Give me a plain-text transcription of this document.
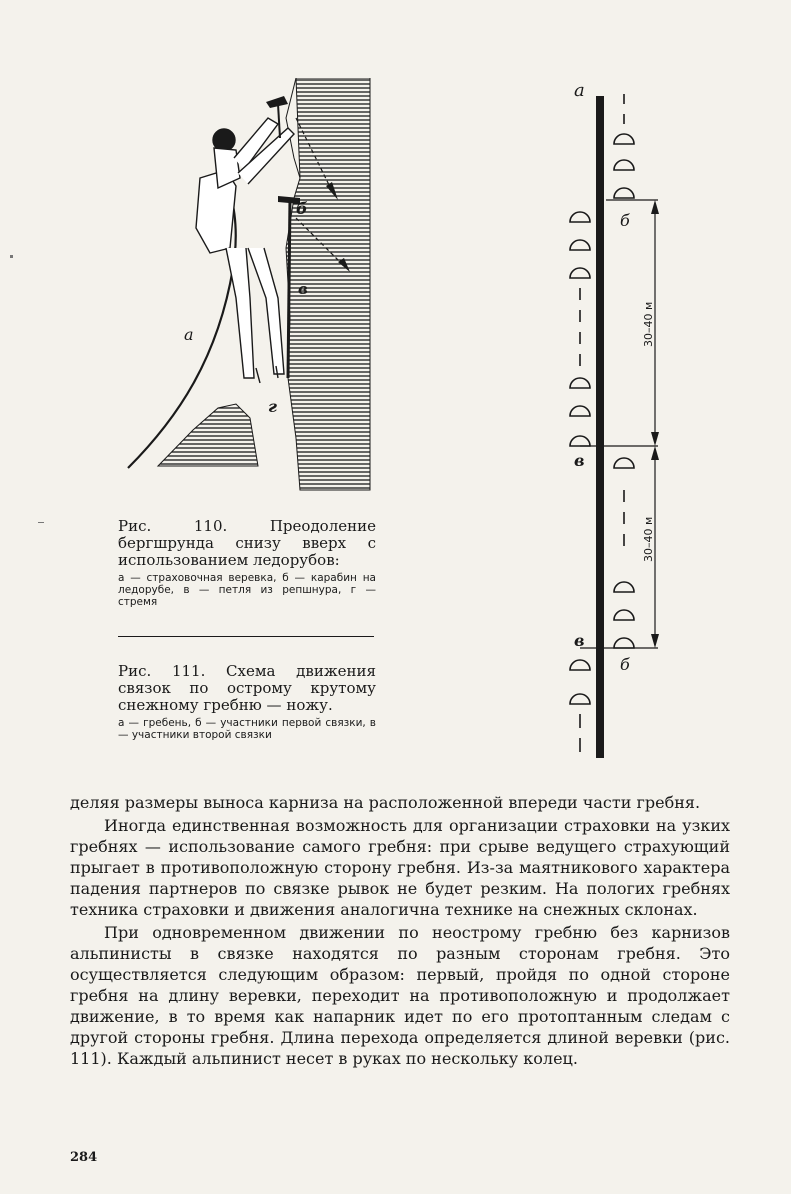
а
б
в
г
а
б
в
в
б
30–40 м
30–40 м
Рис. 110. Преодоление бергшрунда снизу вверх с использованием ледорубов:
а — страховочная веревка, б — карабин на ледорубе, в — петля из репшнура, г — стремя
Рис. 111. Схема движения связок по острому крутому снежному гребню — ножу.
а — гребень, б — участники первой связки, в — участники второй связки

деляя размеры выноса карниза на расположенной впереди части гребня.

Иногда единственная возможность для организации страховки на узких гребнях — использование самого гребня: при срыве ведущего страхующий прыгает в противоположную сторону гребня. Из-за маятникового характера падения партнеров по связке рывок не будет резким. На пологих гребнях техника страховки и движения аналогична технике на снежных склонах.

При одновременном движении по неострому гребню без карнизов альпинисты в связке находятся по разным сторонам гребня. Это осуществляется следующим образом: первый, пройдя по одной стороне гребня на длину веревки, переходит на противоположную и продолжает движение, в то время как напарник идет по его протоптанным следам с другой стороны гребня. Длина перехода определяется длиной веревки (рис. 111). Каждый альпинист несет в руках по нескольку колец.

284
